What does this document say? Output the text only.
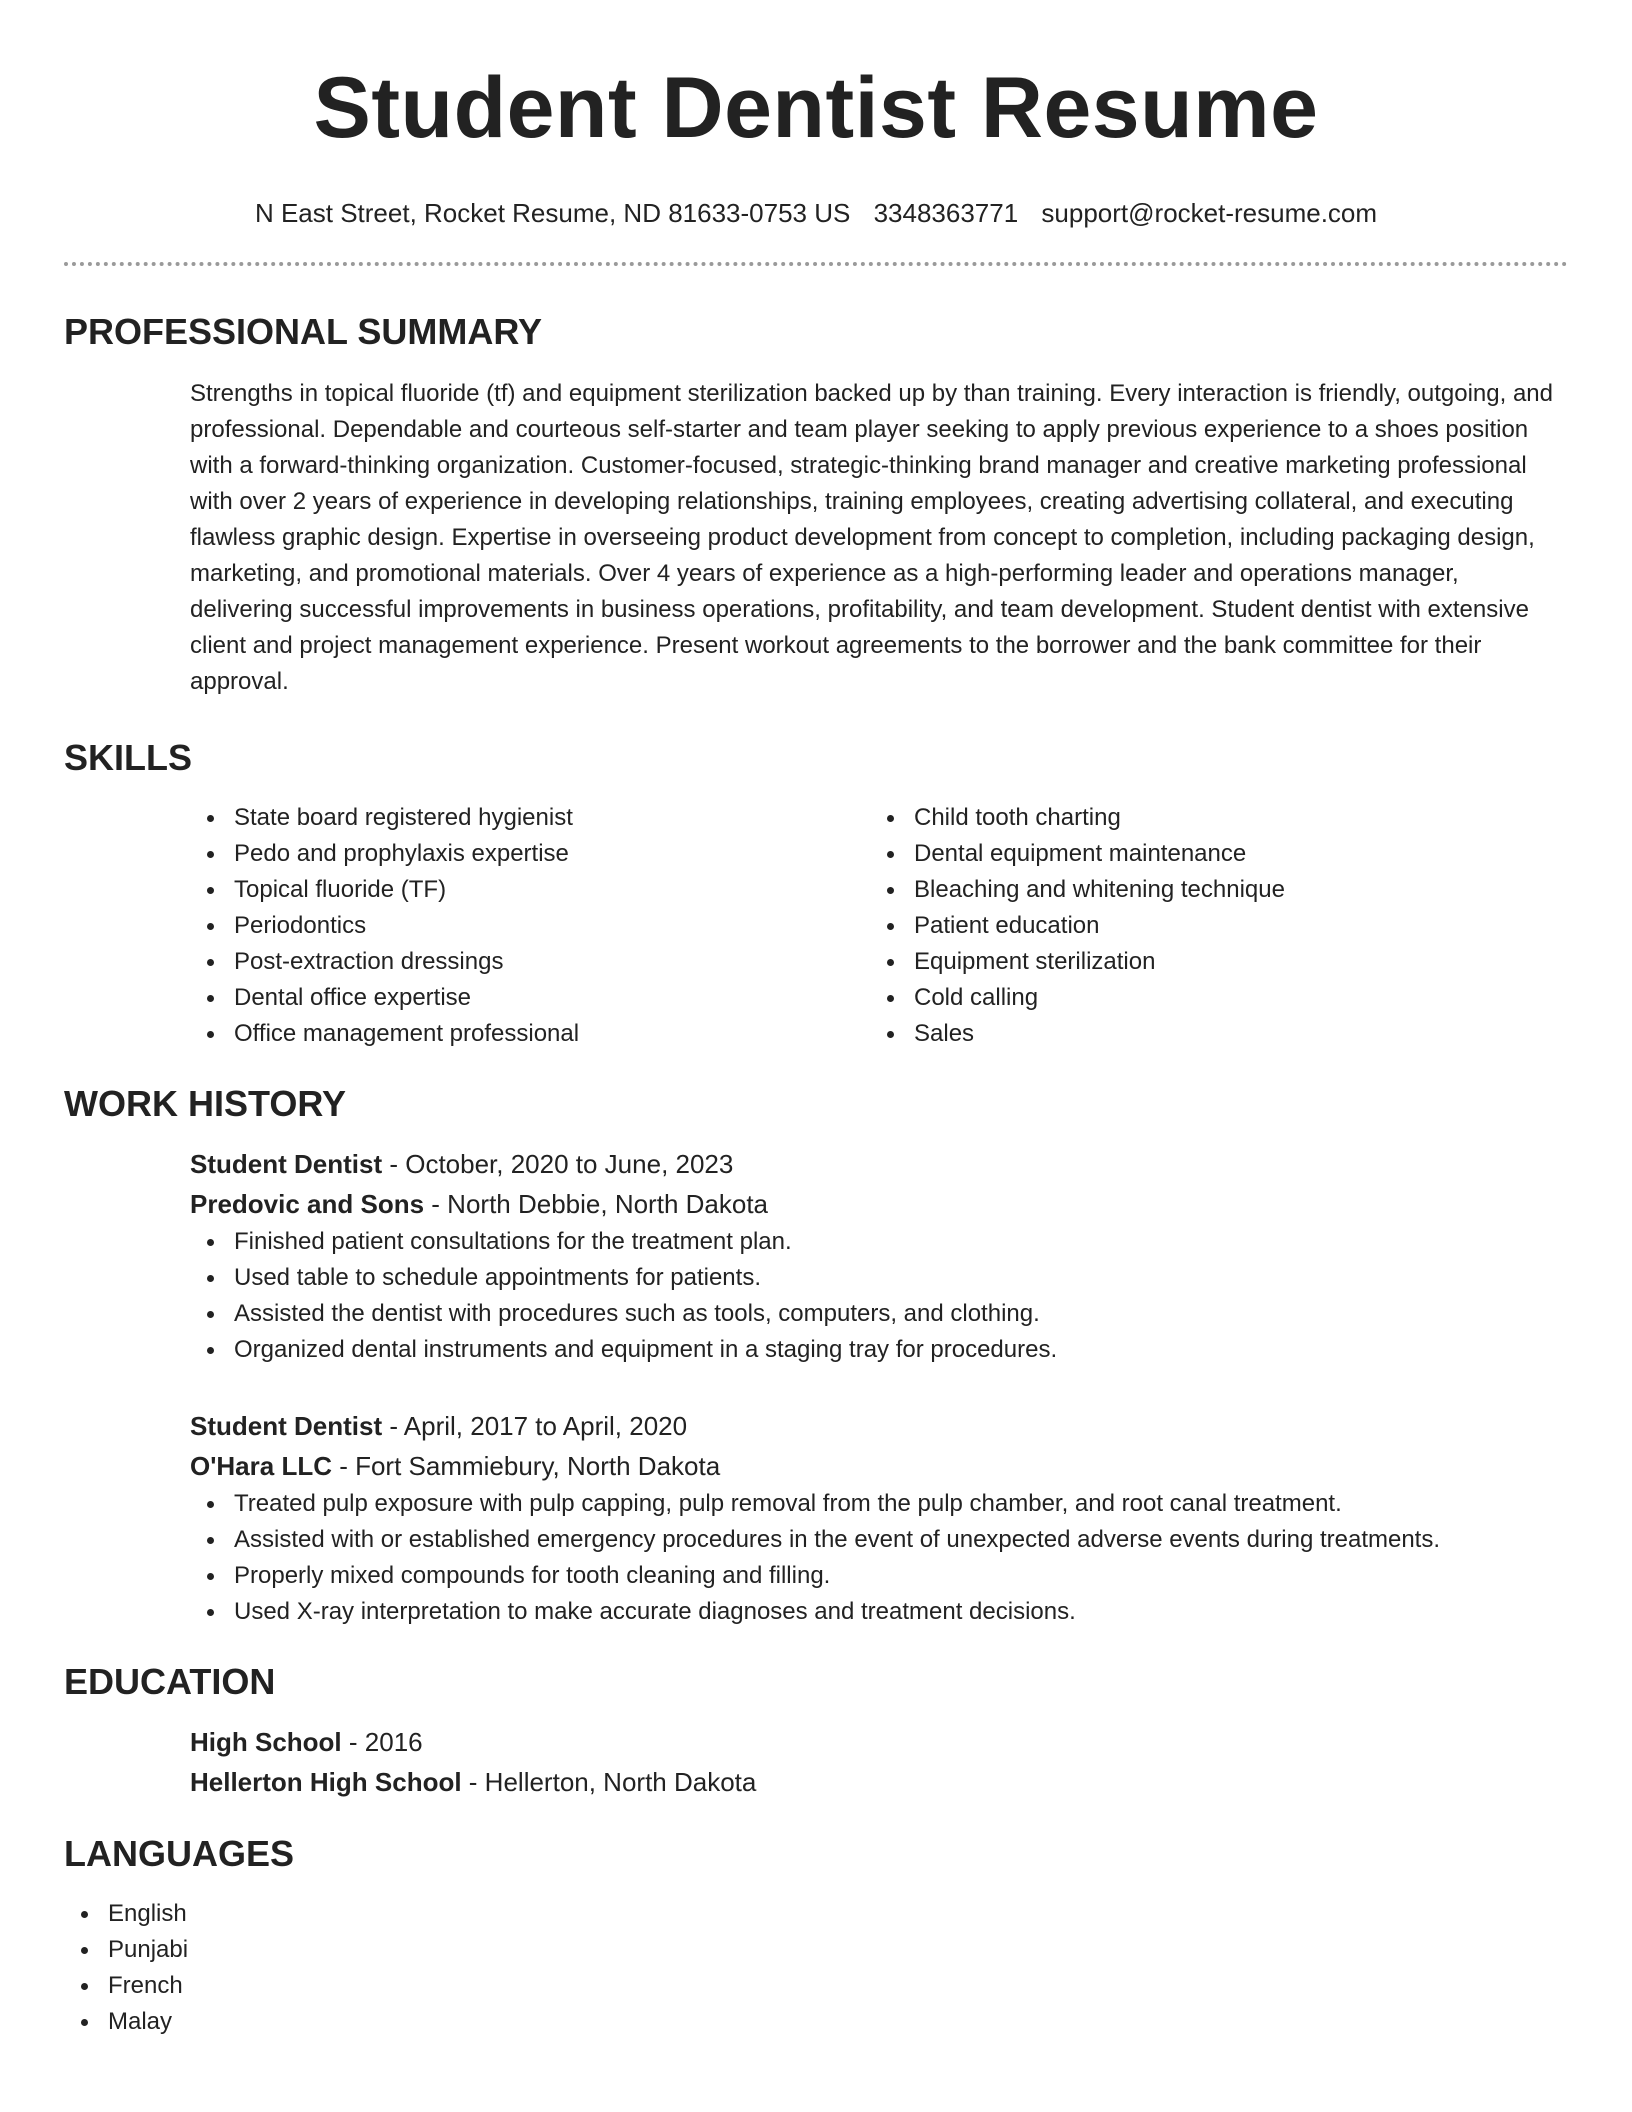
Student Dentist Resume
N East Street, Rocket Resume, ND 81633-0753 US 3348363771 support@rocket-resume.com
PROFESSIONAL SUMMARY
Strengths in topical fluoride (tf) and equipment sterilization backed up by than training. Every interaction is friendly, outgoing, and professional. Dependable and courteous self-starter and team player seeking to apply previous experience to a shoes position with a forward-thinking organization. Customer-focused, strategic-thinking brand manager and creative marketing professional with over 2 years of experience in developing relationships, training employees, creating advertising collateral, and executing flawless graphic design. Expertise in overseeing product development from concept to completion, including packaging design, marketing, and promotional materials. Over 4 years of experience as a high-performing leader and operations manager, delivering successful improvements in business operations, profitability, and team development. Student dentist with extensive client and project management experience. Present workout agreements to the borrower and the bank committee for their approval.
SKILLS
State board registered hygienist
Pedo and prophylaxis expertise
Topical fluoride (TF)
Periodontics
Post-extraction dressings
Dental office expertise
Office management professional
Child tooth charting
Dental equipment maintenance
Bleaching and whitening technique
Patient education
Equipment sterilization
Cold calling
Sales
WORK HISTORY
Student Dentist - October, 2020 to June, 2023
Predovic and Sons - North Debbie, North Dakota
Finished patient consultations for the treatment plan.
Used table to schedule appointments for patients.
Assisted the dentist with procedures such as tools, computers, and clothing.
Organized dental instruments and equipment in a staging tray for procedures.
Student Dentist - April, 2017 to April, 2020
O'Hara LLC - Fort Sammiebury, North Dakota
Treated pulp exposure with pulp capping, pulp removal from the pulp chamber, and root canal treatment.
Assisted with or established emergency procedures in the event of unexpected adverse events during treatments.
Properly mixed compounds for tooth cleaning and filling.
Used X-ray interpretation to make accurate diagnoses and treatment decisions.
EDUCATION
High School - 2016
Hellerton High School - Hellerton, North Dakota
LANGUAGES
English
Punjabi
French
Malay
